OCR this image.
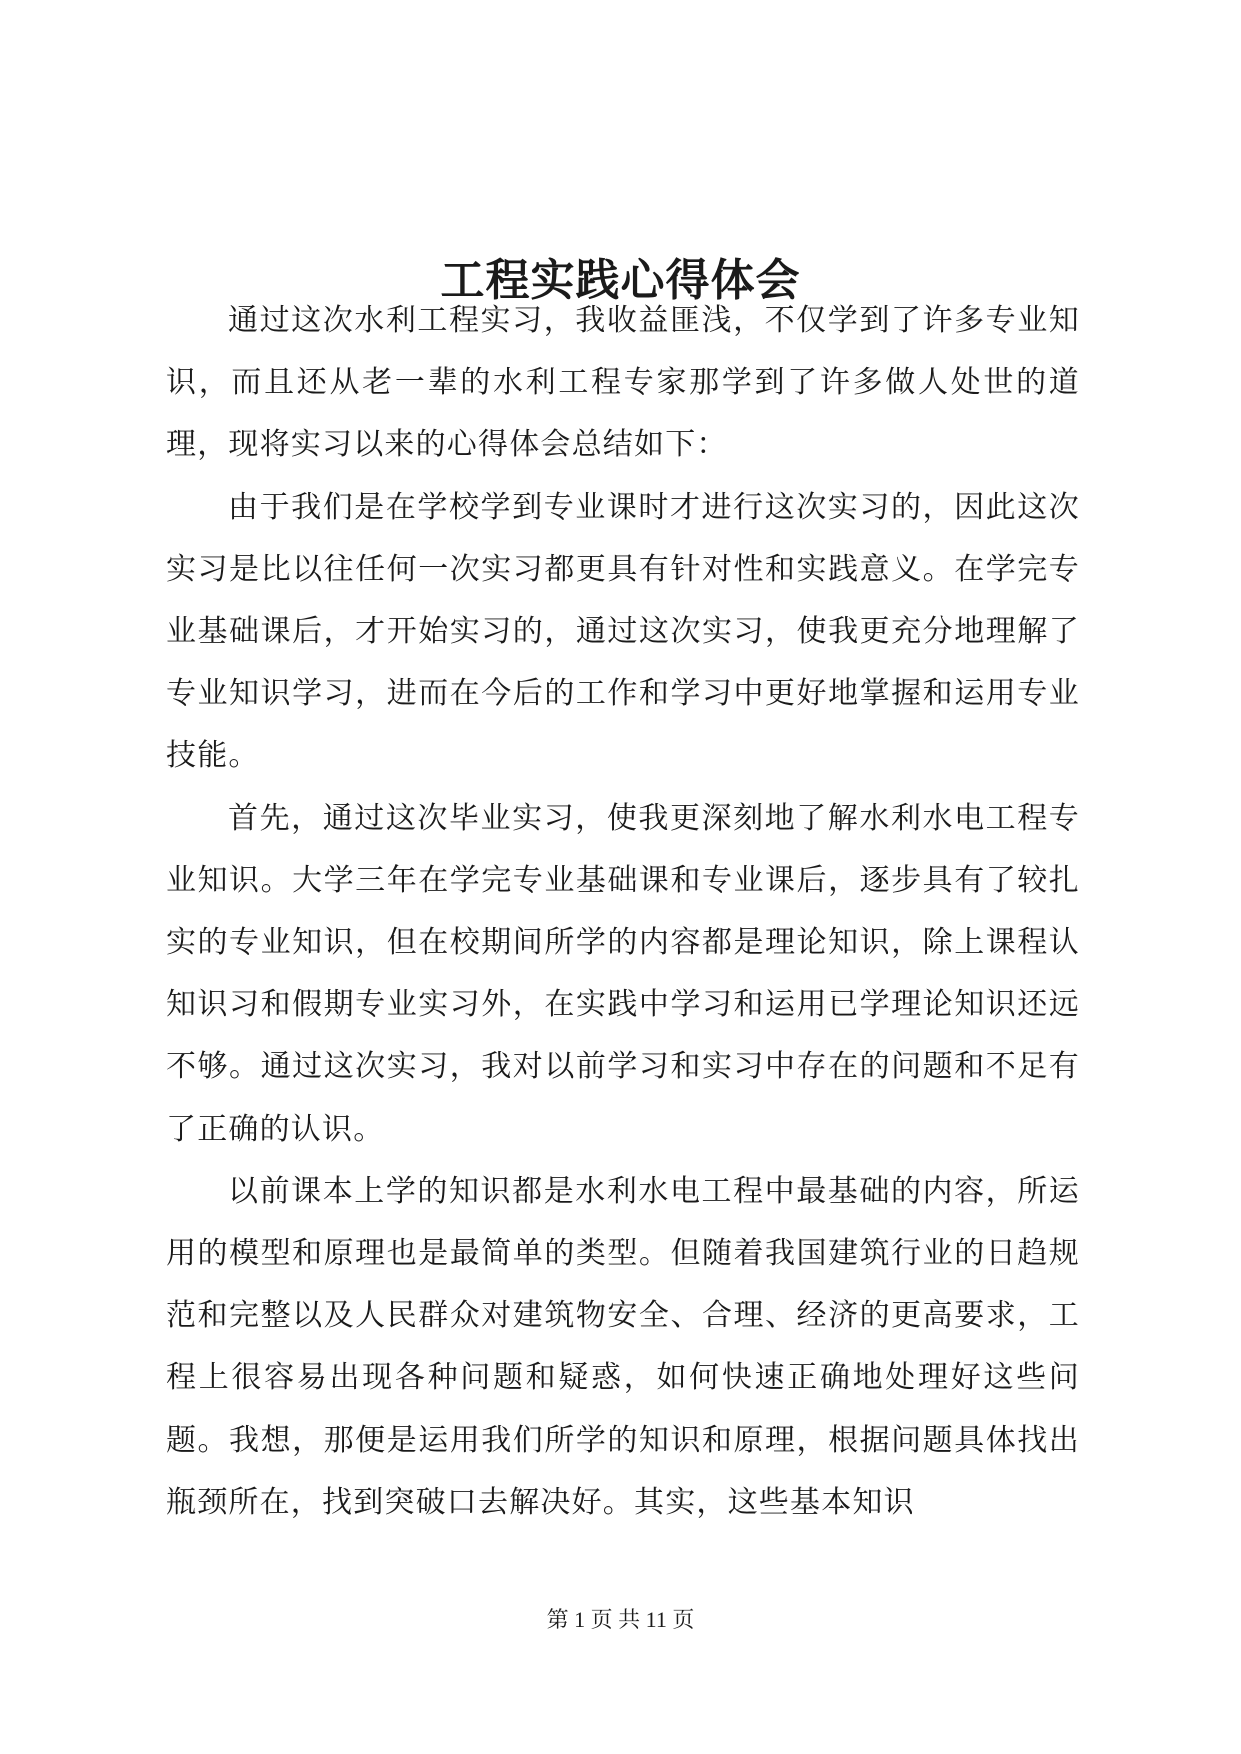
工程实践心得体会

通过这次水利工程实习，我收益匪浅，不仅学到了许多专业知识，而且还从老一辈的水利工程专家那学到了许多做人处世的道理，现将实习以来的心得体会总结如下：

由于我们是在学校学到专业课时才进行这次实习的，因此这次实习是比以往任何一次实习都更具有针对性和实践意义。在学完专业基础课后，才开始实习的，通过这次实习，使我更充分地理解了专业知识学习，进而在今后的工作和学习中更好地掌握和运用专业技能。

首先，通过这次毕业实习，使我更深刻地了解水利水电工程专业知识。大学三年在学完专业基础课和专业课后，逐步具有了较扎实的专业知识，但在校期间所学的内容都是理论知识，除上课程认知识习和假期专业实习外，在实践中学习和运用已学理论知识还远不够。通过这次实习，我对以前学习和实习中存在的问题和不足有了正确的认识。

以前课本上学的知识都是水利水电工程中最基础的内容，所运用的模型和原理也是最简单的类型。但随着我国建筑行业的日趋规范和完整以及人民群众对建筑物安全、合理、经济的更高要求，工程上很容易出现各种问题和疑惑，如何快速正确地处理好这些问题。我想，那便是运用我们所学的知识和原理，根据问题具体找出瓶颈所在，找到突破口去解决好。其实，这些基本知识

第 1 页 共 11 页
